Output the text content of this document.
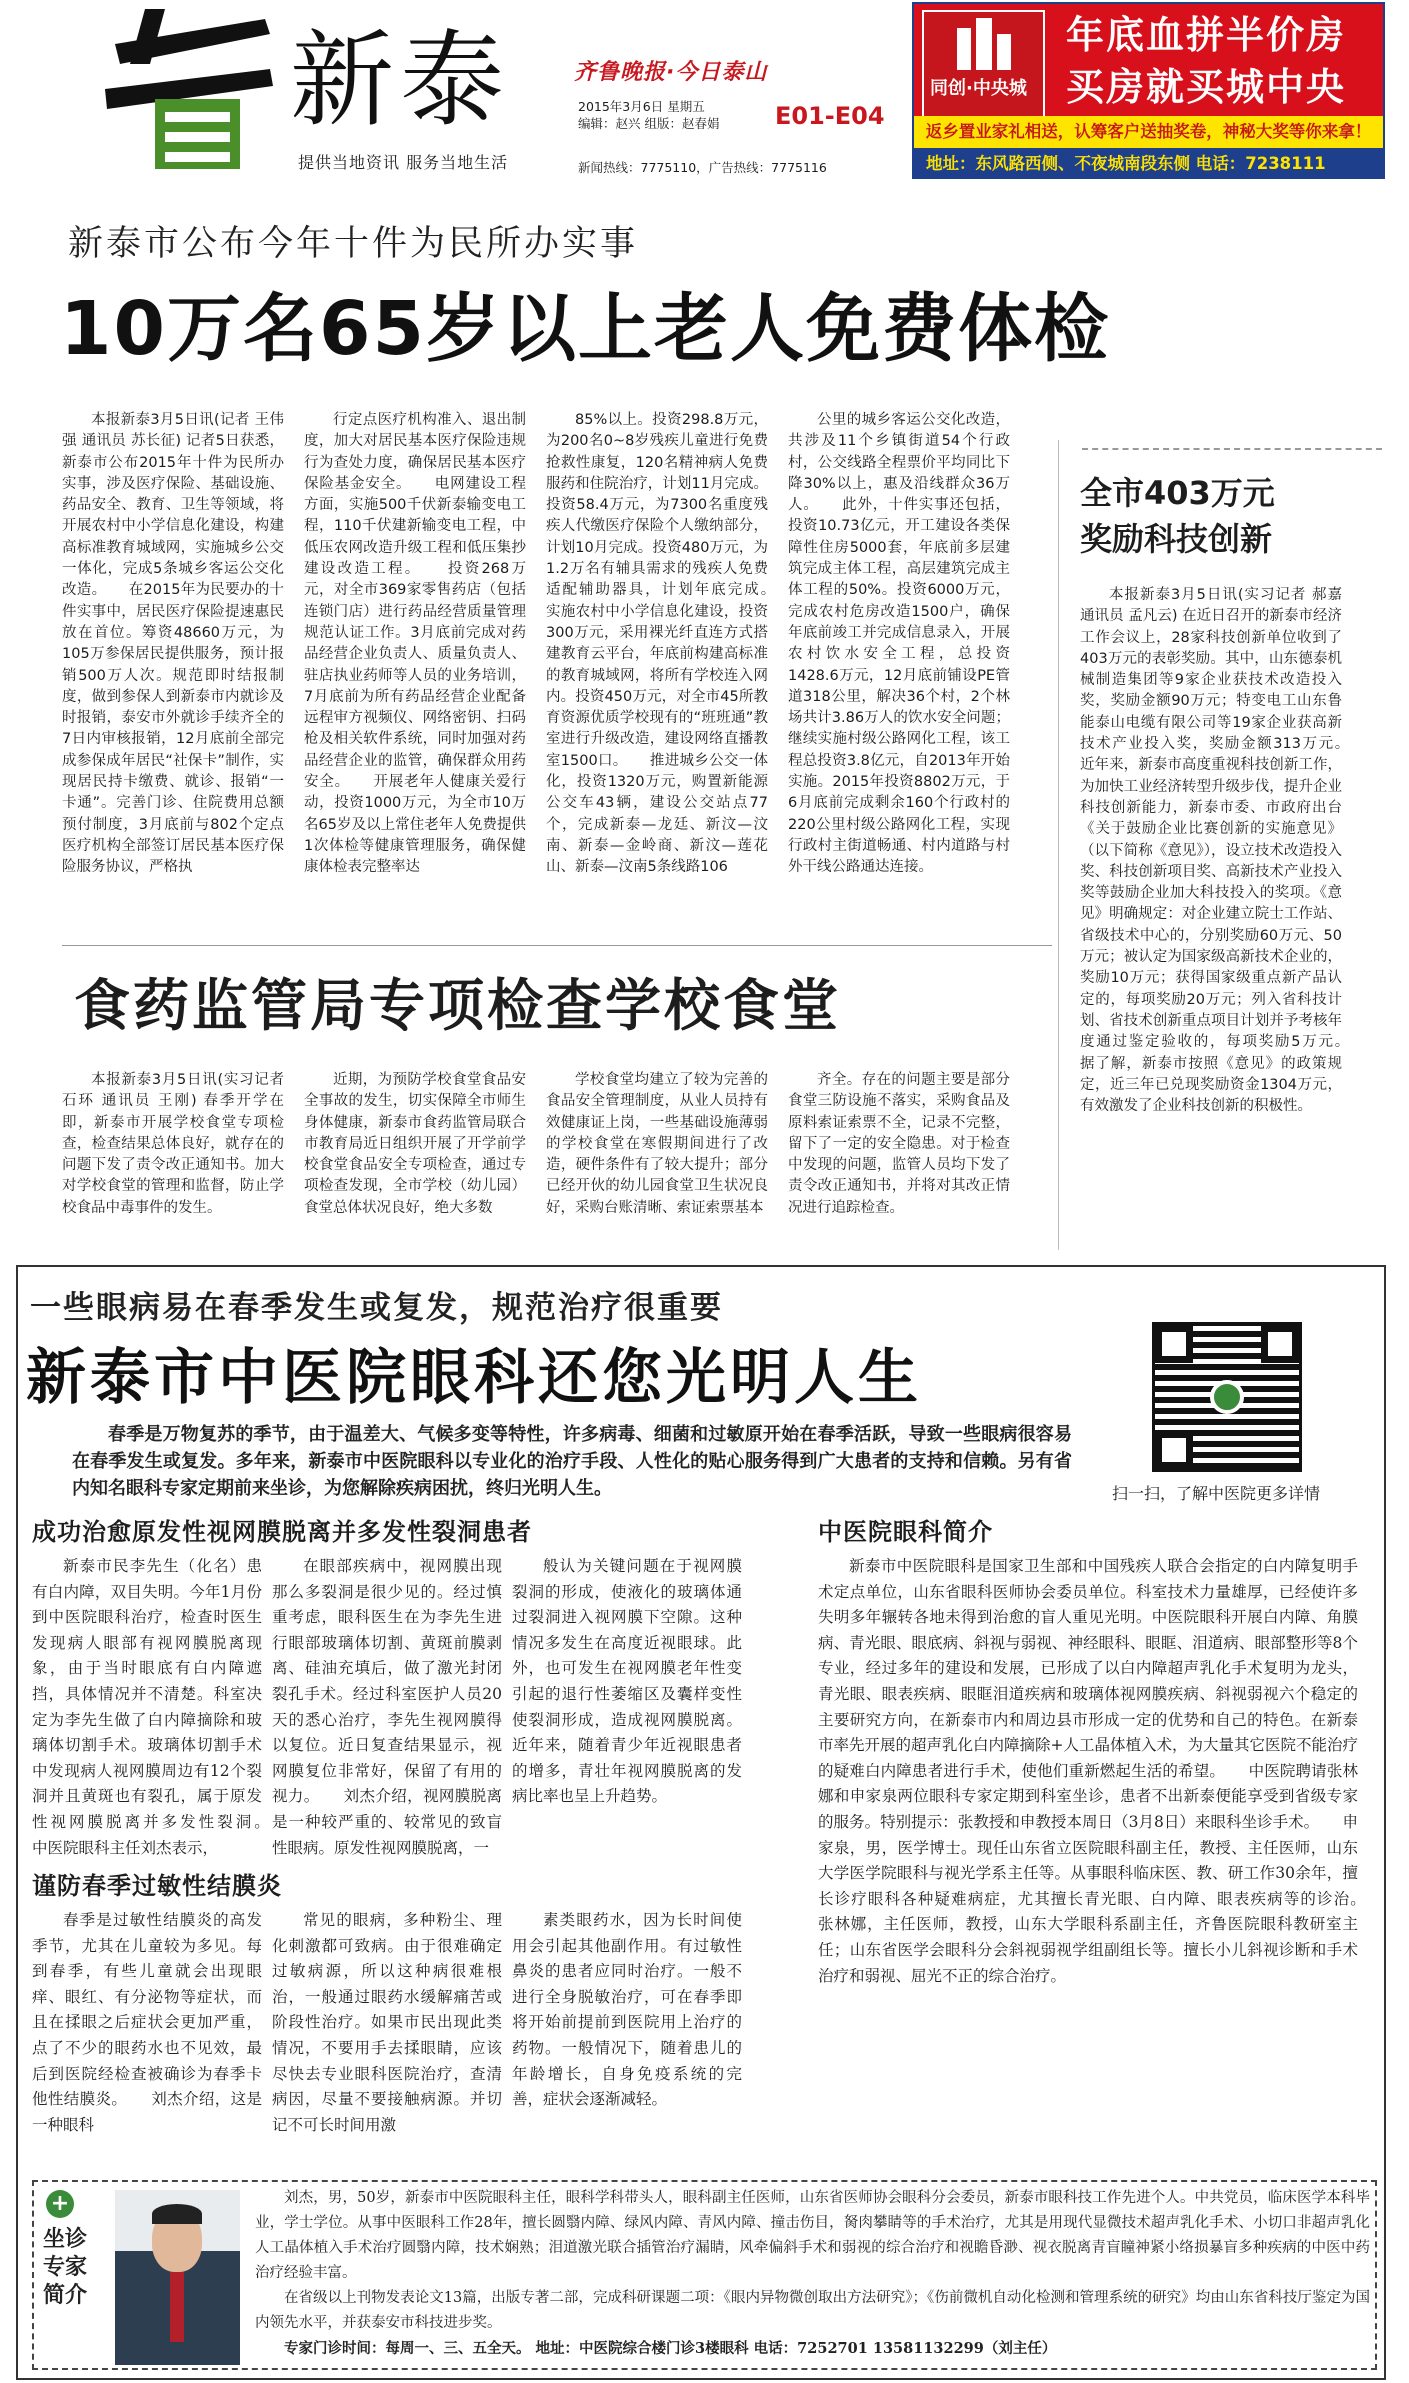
新泰
提供当地资讯 服务当地生活
齐鲁晚报·今日泰山
2015年3月6日 星期五
编辑：赵兴 组版：赵春娟 E01-E04
新闻热线：7775110，广告热线：7775116
同创·中央城
年底血拼半价房
买房就买城中央
返乡置业家礼相送，认筹客户送抽奖卷，神秘大奖等你来拿！
地址：东风路西侧、不夜城南段东侧 电话：7238111
新泰市公布今年十件为民所办实事
10万名65岁以上老人免费体检

本报新泰3月5日讯(记者 王伟强 通讯员 苏长征) 记者5日获悉，新泰市公布2015年十件为民所办实事，涉及医疗保险、基础设施、药品安全、教育、卫生等领域，将开展农村中小学信息化建设，构建高标准教育城域网，实施城乡公交一体化，完成5条城乡客运公交化改造。　　在2015年为民要办的十件实事中，居民医疗保险提速惠民放在首位。筹资48660万元，为105万参保居民提供服务，预计报销500万人次。规范即时结报制度，做到参保人到新泰市内就诊及时报销，泰安市外就诊手续齐全的7日内审核报销，12月底前全部完成参保成年居民“社保卡”制作，实现居民持卡缴费、就诊、报销“一卡通”。完善门诊、住院费用总额预付制度，3月底前与802个定点医疗机构全部签订居民基本医疗保险服务协议，严格执

行定点医疗机构准入、退出制度，加大对居民基本医疗保险违规行为查处力度，确保居民基本医疗保险基金安全。　　电网建设工程方面，实施500千伏新泰输变电工程，110千伏建新输变电工程，中低压农网改造升级工程和低压集抄建设改造工程。　　投资268万元，对全市369家零售药店（包括连锁门店）进行药品经营质量管理规范认证工作。3月底前完成对药品经营企业负责人、质量负责人、驻店执业药师等人员的业务培训，7月底前为所有药品经营企业配备远程审方视频仪、网络密钥、扫码枪及相关软件系统，同时加强对药品经营企业的监管，确保群众用药安全。　　开展老年人健康关爱行动，投资1000万元，为全市10万名65岁及以上常住老年人免费提供1次体检等健康管理服务，确保健康体检表完整率达

85%以上。投资298.8万元，为200名0~8岁残疾儿童进行免费抢救性康复，120名精神病人免费服药和住院治疗，计划11月完成。投资58.4万元，为7300名重度残疾人代缴医疗保险个人缴纳部分，计划10月完成。投资480万元，为1.2万名有辅具需求的残疾人免费适配辅助器具，计划年底完成。　　实施农村中小学信息化建设，投资300万元，采用裸光纤直连方式搭建教育云平台，年底前构建高标准的教育城域网，将所有学校连入网内。投资450万元，对全市45所教育资源优质学校现有的“班班通”教室进行升级改造，建设网络直播教室1500口。　　推进城乡公交一体化，投资1320万元，购置新能源公交车43辆，建设公交站点77个，完成新泰—龙廷、新汶—汶南、新泰—金岭商、新汶—莲花山、新泰—汶南5条线路106

公里的城乡客运公交化改造，共涉及11个乡镇街道54个行政村，公交线路全程票价平均同比下降30%以上，惠及沿线群众36万人。　　此外，十件实事还包括，投资10.73亿元，开工建设各类保障性住房5000套，年底前多层建筑完成主体工程，高层建筑完成主体工程的50%。投资6000万元，完成农村危房改造1500户，确保年底前竣工并完成信息录入，开展农村饮水安全工程，总投资1428.6万元，12月底前铺设PE管道318公里，解决36个村，2个林场共计3.86万人的饮水安全问题；继续实施村级公路网化工程，该工程总投资3.8亿元，自2013年开始实施。2015年投资8802万元，于6月底前完成剩余160个行政村的220公里村级公路网化工程，实现行政村主街道畅通、村内道路与村外干线公路通达连接。

全市403万元
奖励科技创新

本报新泰3月5日讯(实习记者 郝嘉 通讯员 孟凡云) 在近日召开的新泰市经济工作会议上，28家科技创新单位收到了403万元的表彰奖励。其中，山东德泰机械制造集团等9家企业获技术改造投入奖，奖励金额90万元；特变电工山东鲁能泰山电缆有限公司等19家企业获高新技术产业投入奖，奖励金额313万元。　　近年来，新泰市高度重视科技创新工作，为加快工业经济转型升级步伐，提升企业科技创新能力，新泰市委、市政府出台《关于鼓励企业比赛创新的实施意见》（以下简称《意见》），设立技术改造投入奖、科技创新项目奖、高新技术产业投入奖等鼓励企业加大科技投入的奖项。《意见》明确规定：对企业建立院士工作站、省级技术中心的，分别奖励60万元、50万元；被认定为国家级高新技术企业的，奖励10万元；获得国家级重点新产品认定的，每项奖励20万元；列入省科技计划、省技术创新重点项目计划并予考核年度通过鉴定验收的，每项奖励5万元。　　据了解，新泰市按照《意见》的政策规定，近三年已兑现奖励资金1304万元，有效激发了企业科技创新的积极性。

食药监管局专项检查学校食堂

本报新泰3月5日讯(实习记者 石环 通讯员 王刚) 春季开学在即，新泰市开展学校食堂专项检查，检查结果总体良好，就存在的问题下发了责令改正通知书。加大对学校食堂的管理和监督，防止学校食品中毒事件的发生。

近期，为预防学校食堂食品安全事故的发生，切实保障全市师生身体健康，新泰市食药监管局联合市教育局近日组织开展了开学前学校食堂食品安全专项检查，通过专项检查发现，全市学校（幼儿园）食堂总体状况良好，绝大多数

学校食堂均建立了较为完善的食品安全管理制度，从业人员持有效健康证上岗，一些基础设施薄弱的学校食堂在寒假期间进行了改造，硬件条件有了较大提升；部分已经开伙的幼儿园食堂卫生状况良好，采购台账清晰、索证索票基本

齐全。存在的问题主要是部分食堂三防设施不落实，采购食品及原料索证索票不全，记录不完整，留下了一定的安全隐患。对于检查中发现的问题，监管人员均下发了责令改正通知书，并将对其改正情况进行追踪检查。

一些眼病易在春季发生或复发，规范治疗很重要
新泰市中医院眼科还您光明人生
扫一扫，了解中医院更多详情

春季是万物复苏的季节，由于温差大、气候多变等特性，许多病毒、细菌和过敏原开始在春季活跃，导致一些眼病很容易在春季发生或复发。多年来，新泰市中医院眼科以专业化的治疗手段、人性化的贴心服务得到广大患者的支持和信赖。另有省内知名眼科专家定期前来坐诊，为您解除疾病困扰，终归光明人生。

成功治愈原发性视网膜脱离并多发性裂洞患者

新泰市民李先生（化名）患有白内障，双目失明。今年1月份到中医院眼科治疗，检查时医生发现病人眼部有视网膜脱离现象，由于当时眼底有白内障遮挡，具体情况并不清楚。科室决定为李先生做了白内障摘除和玻璃体切割手术。玻璃体切割手术中发现病人视网膜周边有12个裂洞并且黄斑也有裂孔，属于原发性视网膜脱离并多发性裂洞。　　中医院眼科主任刘杰表示，

在眼部疾病中，视网膜出现那么多裂洞是很少见的。经过慎重考虑，眼科医生在为李先生进行眼部玻璃体切割、黄斑前膜剥离、硅油充填后，做了激光封闭裂孔手术。经过科室医护人员20天的悉心治疗，李先生视网膜得以复位。近日复查结果显示，视网膜复位非常好，保留了有用的视力。　　刘杰介绍，视网膜脱离是一种较严重的、较常见的致盲性眼病。原发性视网膜脱离，一

般认为关键问题在于视网膜裂洞的形成，使液化的玻璃体通过裂洞进入视网膜下空隙。这种情况多发生在高度近视眼球。此外，也可发生在视网膜老年性变引起的退行性萎缩区及囊样变性使裂洞形成，造成视网膜脱离。近年来，随着青少年近视眼患者的增多，青壮年视网膜脱离的发病比率也呈上升趋势。

谨防春季过敏性结膜炎

春季是过敏性结膜炎的高发季节，尤其在儿童较为多见。每到春季，有些儿童就会出现眼痒、眼红、有分泌物等症状，而且在揉眼之后症状会更加严重，点了不少的眼药水也不见效，最后到医院经检查被确诊为春季卡他性结膜炎。　　刘杰介绍，这是一种眼科

常见的眼病，多种粉尘、理化刺激都可致病。由于很难确定过敏病源，所以这种病很难根治，一般通过眼药水缓解痛苦或阶段性治疗。如果市民出现此类情况，不要用手去揉眼睛，应该尽快去专业眼科医院治疗，查清病因，尽量不要接触病源。并切记不可长时间用激

素类眼药水，因为长时间使用会引起其他副作用。有过敏性鼻炎的患者应同时治疗。一般不进行全身脱敏治疗，可在春季即将开始前提前到医院用上治疗的药物。一般情况下，随着患儿的年龄增长，自身免疫系统的完善，症状会逐渐减轻。

中医院眼科简介

新泰市中医院眼科是国家卫生部和中国残疾人联合会指定的白内障复明手术定点单位，山东省眼科医师协会委员单位。科室技术力量雄厚，已经使许多失明多年辗转各地未得到治愈的盲人重见光明。中医院眼科开展白内障、角膜病、青光眼、眼底病、斜视与弱视、神经眼科、眼眶、泪道病、眼部整形等8个专业，经过多年的建设和发展，已形成了以白内障超声乳化手术复明为龙头，青光眼、眼表疾病、眼眶泪道疾病和玻璃体视网膜疾病、斜视弱视六个稳定的主要研究方向，在新泰市内和周边县市形成一定的优势和自己的特色。在新泰市率先开展的超声乳化白内障摘除+人工晶体植入术，为大量其它医院不能治疗的疑难白内障患者进行手术，使他们重新燃起生活的希望。　　中医院聘请张林娜和申家泉两位眼科专家定期到科室坐诊，患者不出新泰便能享受到省级专家的服务。特别提示：张教授和申教授本周日（3月8日）来眼科坐诊手术。　　申家泉，男，医学博士。现任山东省立医院眼科副主任，教授、主任医师，山东大学医学院眼科与视光学系主任等。从事眼科临床医、教、研工作30余年，擅长诊疗眼科各种疑难病症，尤其擅长青光眼、白内障、眼表疾病等的诊治。　　张林娜，主任医师，教授，山东大学眼科系副主任，齐鲁医院眼科教研室主任；山东省医学会眼科分会斜视弱视学组副组长等。擅长小儿斜视诊断和手术治疗和弱视、屈光不正的综合治疗。

+
坐诊专家简介

刘杰，男，50岁，新泰市中医院眼科主任，眼科学科带头人，眼科副主任医师，山东省医师协会眼科分会委员，新泰市眼科技工作先进个人。中共党员，临床医学本科毕业，学士学位。从事中医眼科工作28年，擅长圆翳内障、绿风内障、青风内障、撞击伤目，胬肉攀睛等的手术治疗，尤其是用现代显微技术超声乳化手术、小切口非超声乳化人工晶体植入手术治疗圆翳内障，技术娴熟；泪道激光联合插管治疗漏睛，风牵偏斜手术和弱视的综合治疗和视瞻昏渺、视衣脱离青盲瞳神紧小络损暴盲多种疾病的中医中药治疗经验丰富。

在省级以上刊物发表论文13篇，出版专著二部，完成科研课题二项：《眼内异物微创取出方法研究》；《伤前微机自动化检测和管理系统的研究》均由山东省科技厅鉴定为国内领先水平，并获泰安市科技进步奖。

专家门诊时间：每周一、三、五全天。 地址：中医院综合楼门诊3楼眼科 电话：7252701 13581132299（刘主任）
